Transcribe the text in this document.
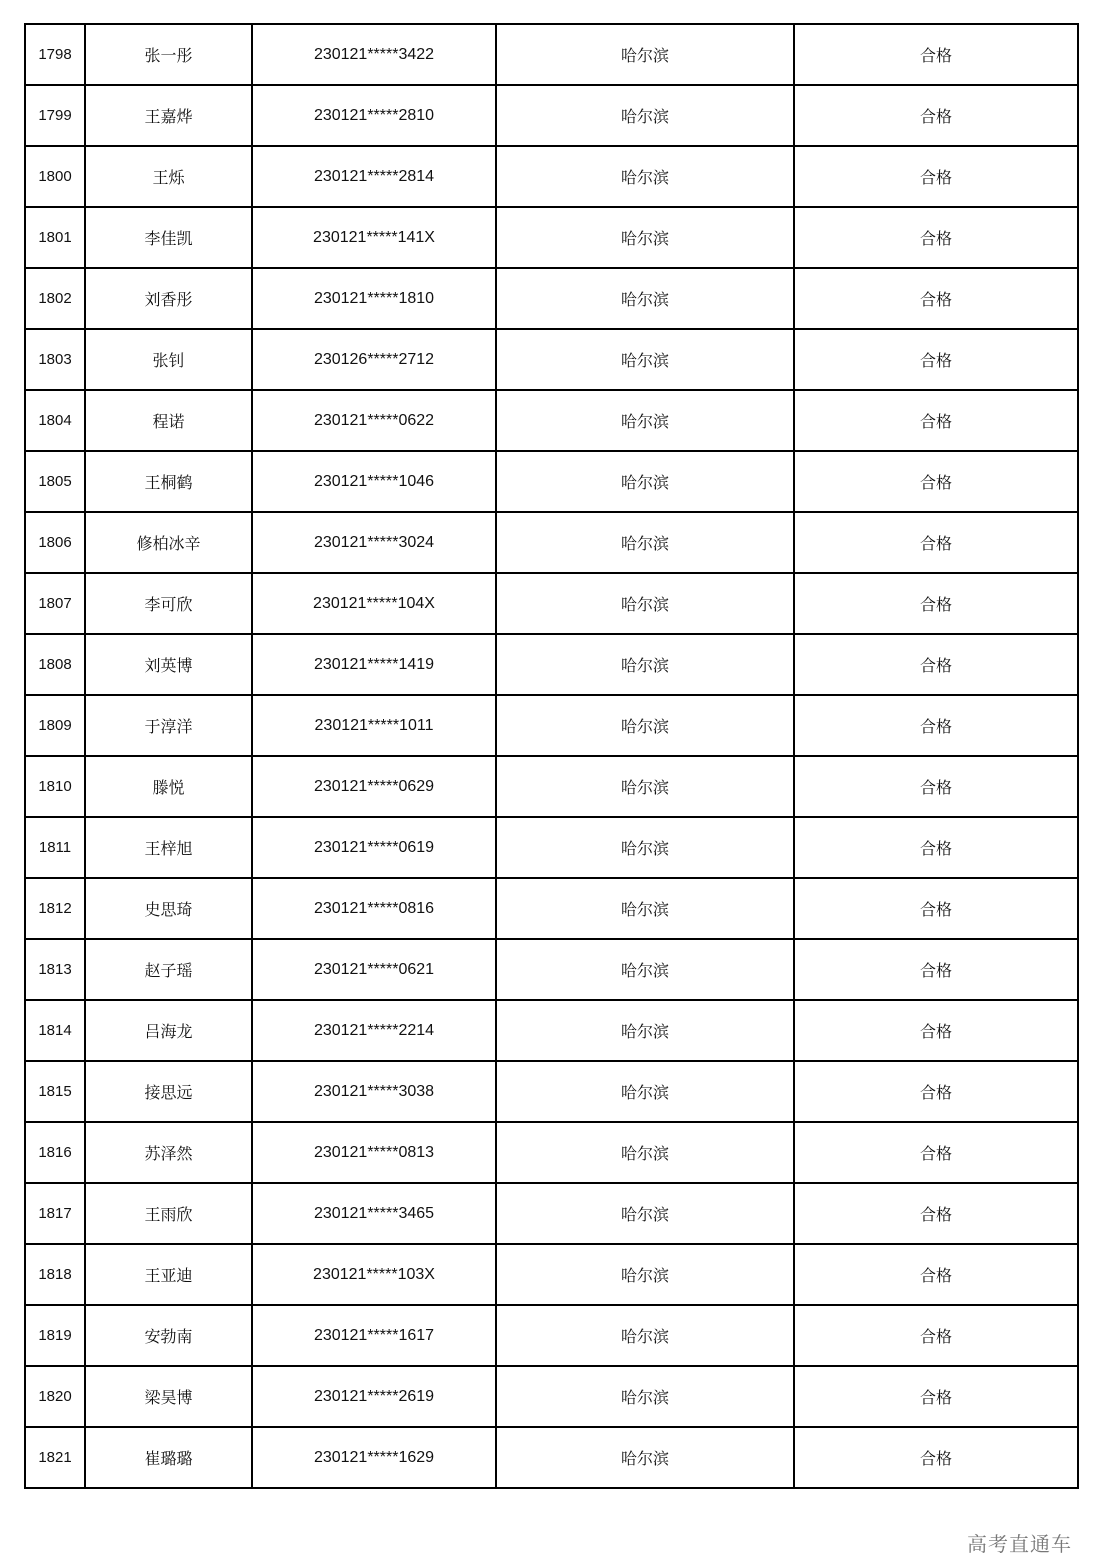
1798	张一彤	230121*****3422	哈尔滨	合格
1799	王嘉烨	230121*****2810	哈尔滨	合格
1800	王烁	230121*****2814	哈尔滨	合格
1801	李佳凯	230121*****141X	哈尔滨	合格
1802	刘香彤	230121*****1810	哈尔滨	合格
1803	张钊	230126*****2712	哈尔滨	合格
1804	程诺	230121*****0622	哈尔滨	合格
1805	王桐鹤	230121*****1046	哈尔滨	合格
1806	修柏冰辛	230121*****3024	哈尔滨	合格
1807	李可欣	230121*****104X	哈尔滨	合格
1808	刘英博	230121*****1419	哈尔滨	合格
1809	于淳洋	230121*****1011	哈尔滨	合格
1810	滕悦	230121*****0629	哈尔滨	合格
1811	王梓旭	230121*****0619	哈尔滨	合格
1812	史思琦	230121*****0816	哈尔滨	合格
1813	赵子瑶	230121*****0621	哈尔滨	合格
1814	吕海龙	230121*****2214	哈尔滨	合格
1815	接思远	230121*****3038	哈尔滨	合格
1816	苏泽然	230121*****0813	哈尔滨	合格
1817	王雨欣	230121*****3465	哈尔滨	合格
1818	王亚迪	230121*****103X	哈尔滨	合格
1819	安勃南	230121*****1617	哈尔滨	合格
1820	梁昊博	230121*****2619	哈尔滨	合格
1821	崔璐璐	230121*****1629	哈尔滨	合格
高考直通车
